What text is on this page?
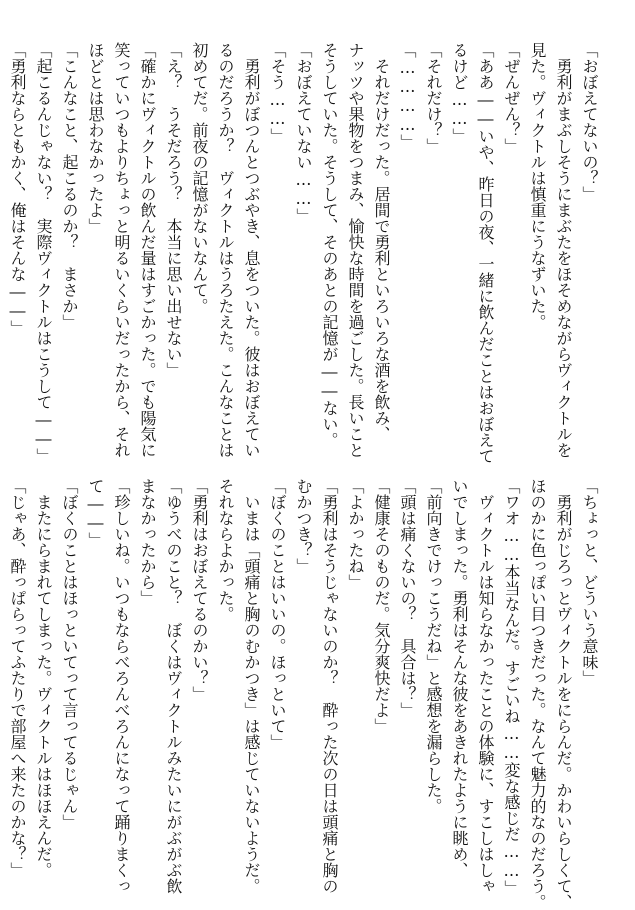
「おぼえてないの？」
　勇利がまぶしそうにまぶたをほそめながらヴィクトルを
見た。ヴィクトルは慎重にうなずいた。
「ぜんぜん？」
「ああ――いや、昨日の夜、一緒に飲んだことはおぼえて
るけど……」
「それだけ？」
「…………」
　それだけだった。居間で勇利といろいろな酒を飲み、
ナッツや果物をつまみ、愉快な時間を過ごした。長いこと
そうしていた。そうして、そのあとの記憶が――ない。
「おぼえていない……」
「そう……」
　勇利がぼつんとつぶやき、息をついた。彼はおぼえてい
るのだろうか？　ヴィクトルはうろたえた。こんなことは
初めてだ。前夜の記憶がないなんて。
「え？　うそだろう？　本当に思い出せない」
「確かにヴィクトルの飲んだ量はすごかった。でも陽気に
笑っていつもよりちょっと明るいくらいだったから、それ
ほどとは思わなかったよ」
「こんなこと、起こるのか？　まさか」
「起こるんじゃない？　実際ヴィクトルはこうして――」
「勇利ならともかく、俺はそんな――」
「ちょっと、どういう意味」
　勇利がじろっとヴィクトルをにらんだ。かわいらしくて、
ほのかに色っぽい目つきだった。なんて魅力的なのだろう。
「ワオ……本当なんだ。すごいね……変な感じだ……」
　ヴィクトルは知らなかったことの体験に、すこしはしゃ
いでしまった。勇利はそんな彼をあきれたように眺め、
「前向きでけっこうだね」と感想を漏らした。
「頭は痛くないの？　具合は？」
「健康そのものだ。気分爽快だよ」
「よかったね」
「勇利はそうじゃないのか？　酔った次の日は頭痛と胸の
むかつき？」
「ぼくのことはいいの。ほっといて」
　いまは「頭痛と胸のむかつき」は感じていないようだ。
それならよかった。
「勇利はおぼえてるのかい？」
「ゆうべのこと？　ぼくはヴィクトルみたいにがぶがぶ飲
まなかったから」
「珍しいね。いつもならべろんべろんになって踊りまくっ
て――」
「ぼくのことはほっといてって言ってるじゃん」
　またにらまれてしまった。ヴィクトルはほほえんだ。
「じゃあ、酔っぱらってふたりで部屋へ来たのかな？」
